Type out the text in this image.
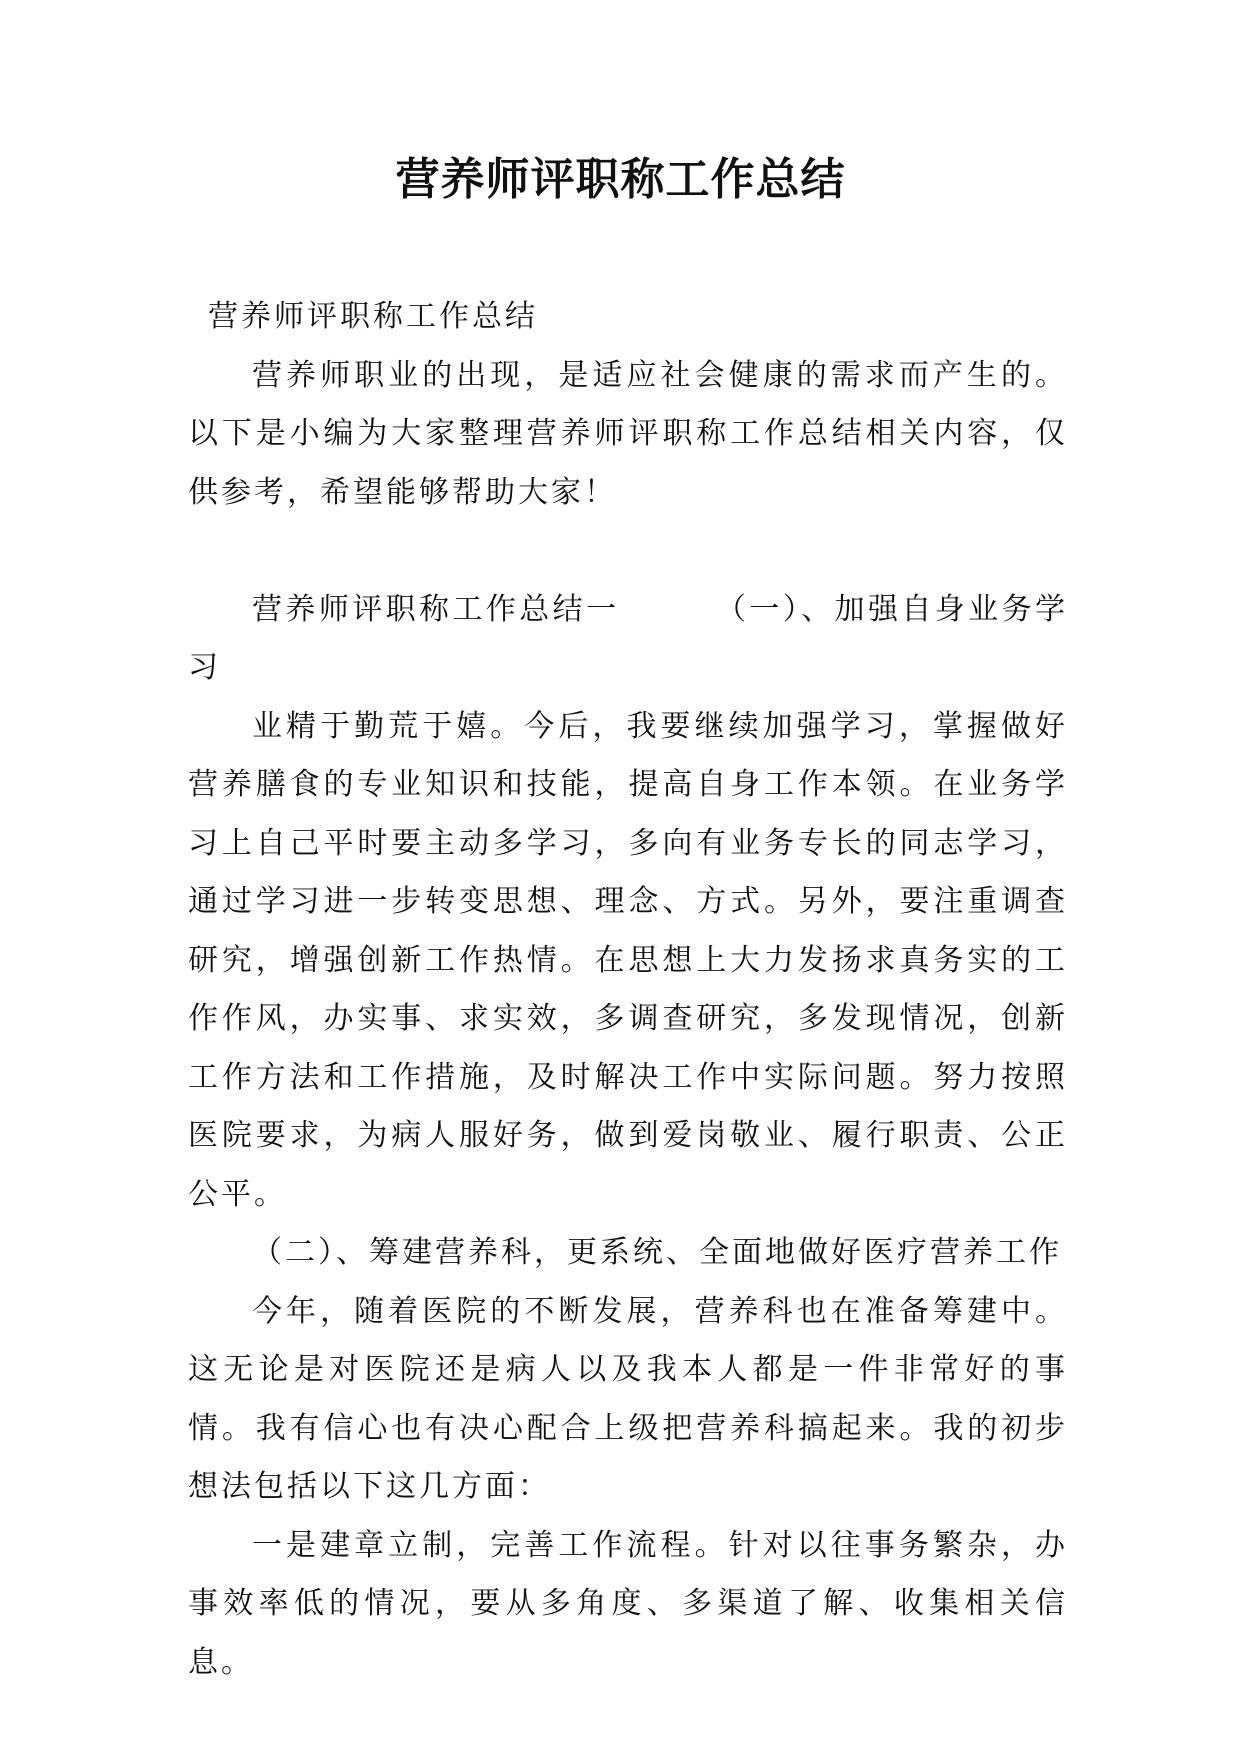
营养师评职称工作总结

营养师评职称工作总结

营养师职业的出现，是适应社会健康的需求而产生的。以下是小编为大家整理营养师评职称工作总结相关内容，仅供参考，希望能够帮助大家！

营养师评职称工作总结一	（一）、加强自身业务学习

业精于勤荒于嬉。今后，我要继续加强学习，掌握做好营养膳食的专业知识和技能，提高自身工作本领。在业务学习上自己平时要主动多学习，多向有业务专长的同志学习，通过学习进一步转变思想、理念、方式。另外，要注重调查研究，增强创新工作热情。在思想上大力发扬求真务实的工作作风，办实事、求实效，多调查研究，多发现情况，创新工作方法和工作措施，及时解决工作中实际问题。努力按照医院要求，为病人服好务，做到爱岗敬业、履行职责、公正公平。

（二）、筹建营养科，更系统、全面地做好医疗营养工作

今年，随着医院的不断发展，营养科也在准备筹建中。这无论是对医院还是病人以及我本人都是一件非常好的事情。我有信心也有决心配合上级把营养科搞起来。我的初步想法包括以下这几方面：

一是建章立制，完善工作流程。针对以往事务繁杂，办事效率低的情况，要从多角度、多渠道了解、收集相关信息。
